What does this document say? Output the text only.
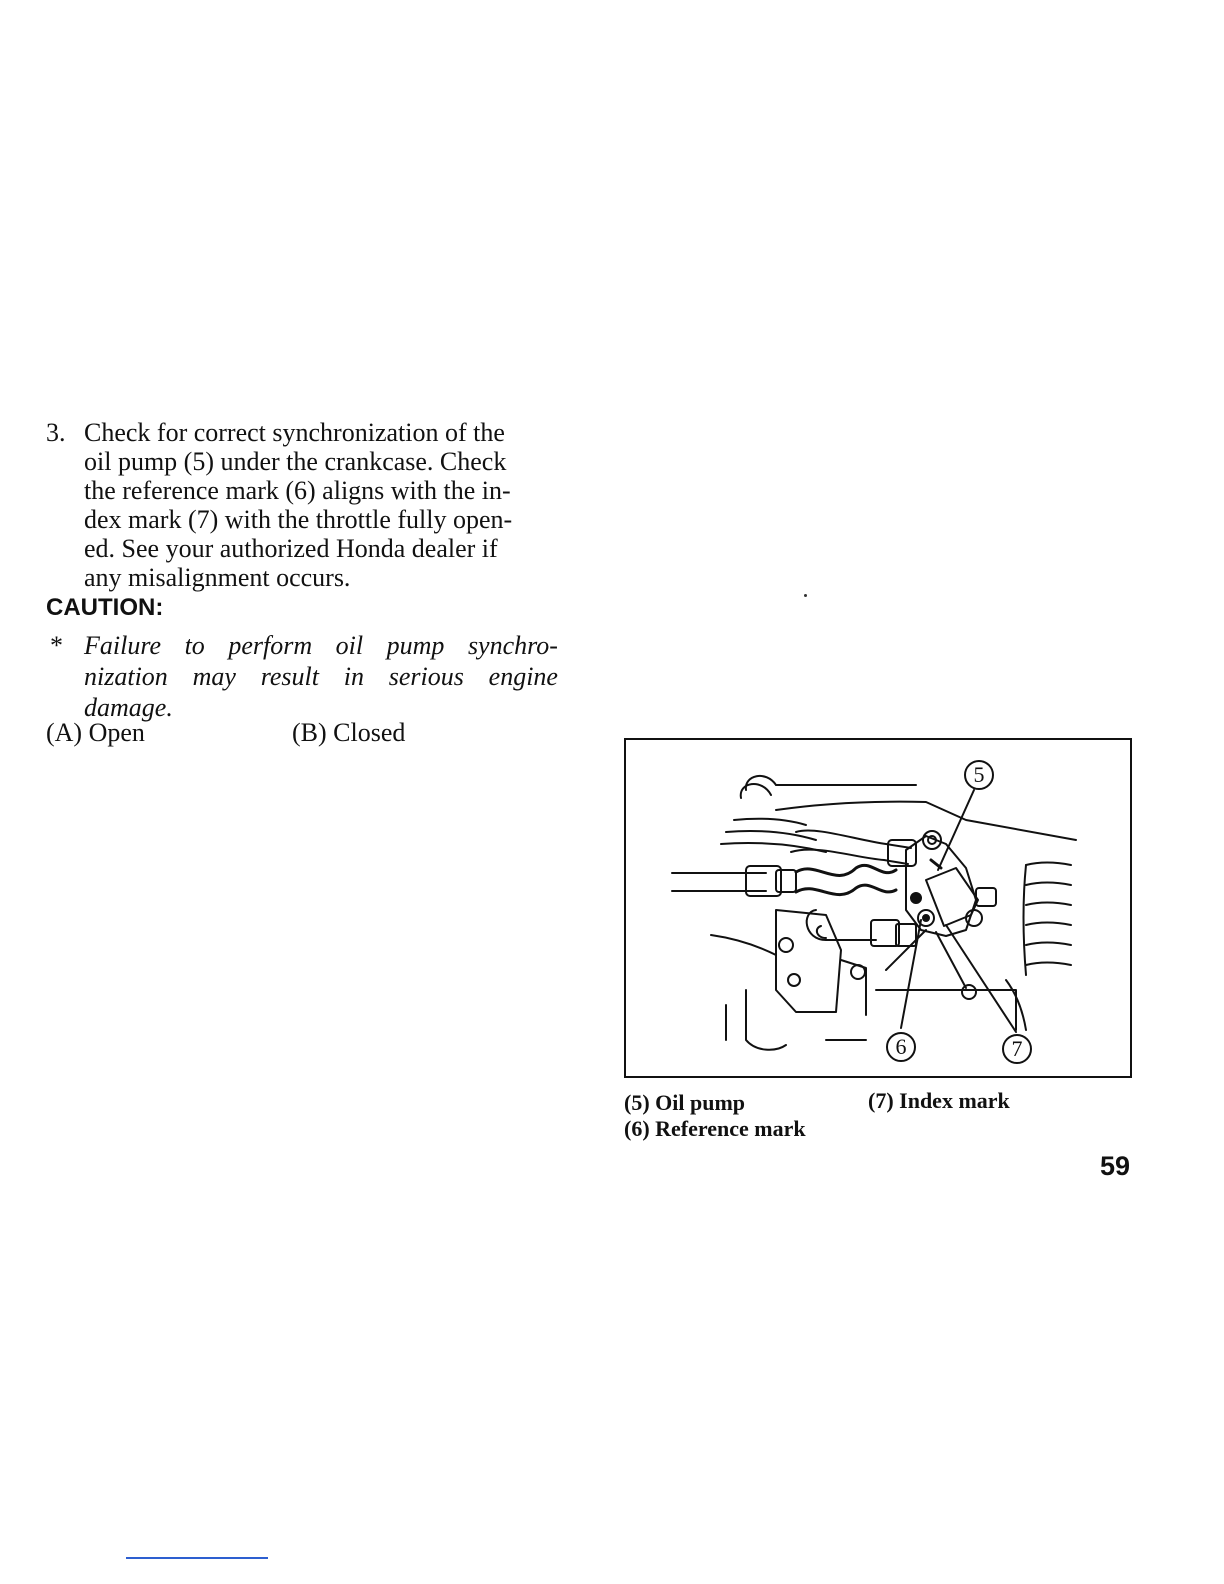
3. Check for correct synchronization of the
oil pump (5) under the crankcase. Check
the reference mark (6) aligns with the in-
dex mark (7) with the throttle fully open-
ed. See your authorized Honda dealer if
any misalignment occurs.
CAUTION:
* Failure to perform oil pump synchro-
nization may result in serious engine
damage.
(A) Open	(B) Closed
5
6	7
(5) Oil pump	(7) Index mark
(6) Reference mark
59
